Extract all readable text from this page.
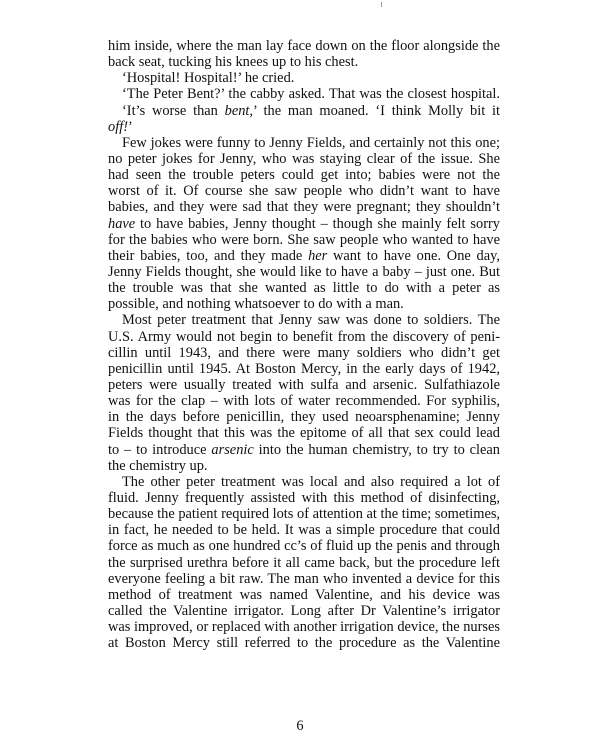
him inside, where the man lay face down on the floor alongside the
back seat, tucking his knees up to his chest.
‘Hospital! Hospital!’ he cried.
‘The Peter Bent?’ the cabby asked. That was the closest hospital.
‘It’s worse than bent,’ the man moaned. ‘I think Molly bit it
off!’
Few jokes were funny to Jenny Fields, and certainly not this one;
no peter jokes for Jenny, who was staying clear of the issue. She
had seen the trouble peters could get into; babies were not the
worst of it. Of course she saw people who didn’t want to have
babies, and they were sad that they were pregnant; they shouldn’t
have to have babies, Jenny thought – though she mainly felt sorry
for the babies who were born. She saw people who wanted to have
their babies, too, and they made her want to have one. One day,
Jenny Fields thought, she would like to have a baby – just one. But
the trouble was that she wanted as little to do with a peter as
possible, and nothing whatsoever to do with a man.
Most peter treatment that Jenny saw was done to soldiers. The
U.S. Army would not begin to benefit from the discovery of peni-
cillin until 1943, and there were many soldiers who didn’t get
penicillin until 1945. At Boston Mercy, in the early days of 1942,
peters were usually treated with sulfa and arsenic. Sulfathiazole
was for the clap – with lots of water recommended. For syphilis,
in the days before penicillin, they used neoarsphenamine; Jenny
Fields thought that this was the epitome of all that sex could lead
to – to introduce arsenic into the human chemistry, to try to clean
the chemistry up.
The other peter treatment was local and also required a lot of
fluid. Jenny frequently assisted with this method of disinfecting,
because the patient required lots of attention at the time; sometimes,
in fact, he needed to be held. It was a simple procedure that could
force as much as one hundred cc’s of fluid up the penis and through
the surprised urethra before it all came back, but the procedure left
everyone feeling a bit raw. The man who invented a device for this
method of treatment was named Valentine, and his device was
called the Valentine irrigator. Long after Dr Valentine’s irrigator
was improved, or replaced with another irrigation device, the nurses
at Boston Mercy still referred to the procedure as the Valentine
6
